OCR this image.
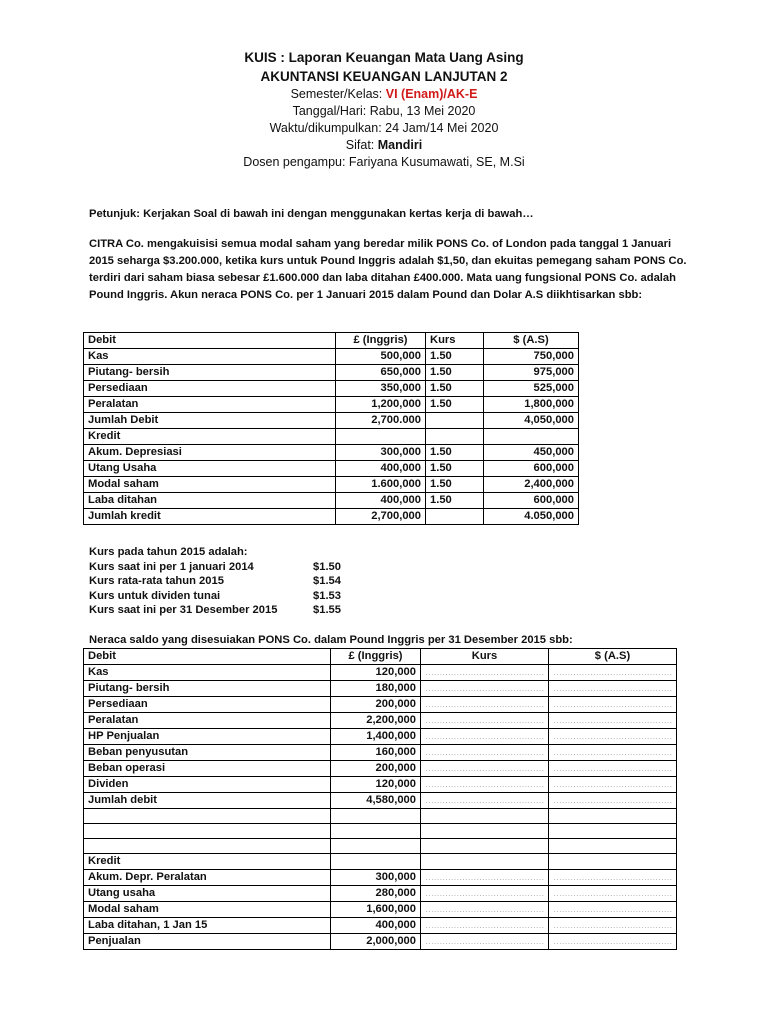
KUIS : Laporan Keuangan Mata Uang Asing
AKUNTANSI KEUANGAN LANJUTAN 2
Semester/Kelas: VI (Enam)/AK-E
Tanggal/Hari: Rabu, 13 Mei 2020
Waktu/dikumpulkan: 24 Jam/14 Mei 2020
Sifat: Mandiri
Dosen pengampu: Fariyana Kusumawati, SE, M.Si
Petunjuk: Kerjakan Soal di bawah ini dengan menggunakan kertas kerja di bawah…
CITRA Co. mengakuisisi semua modal saham yang beredar milik PONS Co. of London pada tanggal 1 Januari 2015 seharga $3.200.000, ketika kurs untuk Pound Inggris adalah $1,50, dan ekuitas pemegang saham PONS Co. terdiri dari saham biasa sebesar £1.600.000 dan laba ditahan £400.000. Mata uang fungsional PONS Co. adalah Pound Inggris. Akun neraca PONS Co. per 1 Januari 2015 dalam Pound dan Dolar A.S diikhtisarkan sbb:
Debit	£ (Inggris)	Kurs	$ (A.S)
Kas	500,000	1.50	750,000
Piutang- bersih	650,000	1.50	975,000
Persediaan	350,000	1.50	525,000
Peralatan	1,200,000	1.50	1,800,000
Jumlah Debit	2,700.000		4,050,000
Kredit			
Akum. Depresiasi	300,000	1.50	450,000
Utang Usaha	400,000	1.50	600,000
Modal saham	1.600,000	1.50	2,400,000
Laba ditahan	400,000	1.50	600,000
Jumlah kredit	2,700,000		4.050,000
Kurs pada tahun 2015 adalah:
Kurs saat ini per 1 januari 2014	$1.50
Kurs rata-rata tahun 2015	$1.54
Kurs untuk dividen tunai	$1.53
Kurs saat ini per 31 Desember 2015	$1.55
Neraca saldo yang disesuiakan PONS Co. dalam Pound Inggris per 31 Desember 2015 sbb:
Debit	£ (Inggris)	Kurs	$ (A.S)
Kas	120,000	……………………………………	……………………………………
Piutang- bersih	180,000	……………………………………	……………………………………
Persediaan	200,000	……………………………………	……………………………………
Peralatan	2,200,000	……………………………………	……………………………………
HP Penjualan	1,400,000	……………………………………	……………………………………
Beban penyusutan	160,000	……………………………………	……………………………………
Beban operasi	200,000	……………………………………	……………………………………
Dividen	120,000	……………………………………	……………………………………
Jumlah debit	4,580,000	……………………………………	……………………………………

Kredit			
Akum. Depr. Peralatan	300,000	……………………………………	……………………………………
Utang usaha	280,000	……………………………………	……………………………………
Modal saham	1,600,000	……………………………………	……………………………………
Laba ditahan, 1 Jan 15	400,000	……………………………………	……………………………………
Penjualan	2,000,000	……………………………………	……………………………………
